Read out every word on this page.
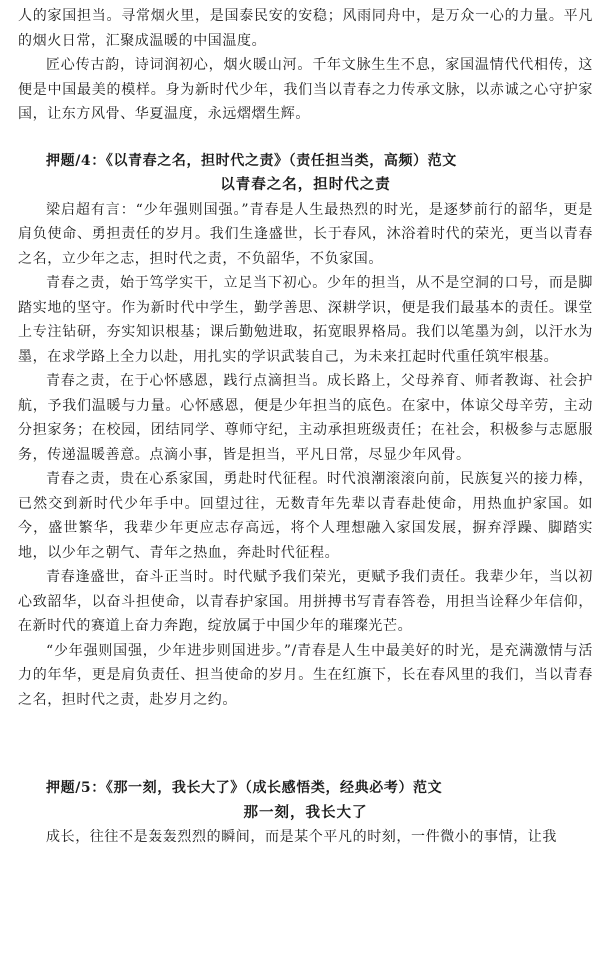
人的家国担当。寻常烟火里，是国泰民安的安稳；风雨同舟中，是万众一心的力量。平凡的烟火日常，汇聚成温暖的中国温度。

匠心传古韵，诗词润初心，烟火暖山河。千年文脉生生不息，家国温情代代相传，这便是中国最美的模样。身为新时代少年，我们当以青春之力传承文脉，以赤诚之心守护家国，让东方风骨、华夏温度，永远熠熠生辉。

押题/4：《以青春之名，担时代之责》（责任担当类，高频）范文

以青春之名，担时代之责

梁启超有言：“少年强则国强。”青春是人生最热烈的时光，是逐梦前行的韶华，更是肩负使命、勇担责任的岁月。我们生逢盛世，长于春风，沐浴着时代的荣光，更当以青春之名，立少年之志，担时代之责，不负韶华，不负家国。

青春之责，始于笃学实干，立足当下初心。少年的担当，从不是空洞的口号，而是脚踏实地的坚守。作为新时代中学生，勤学善思、深耕学识，便是我们最基本的责任。课堂上专注钻研，夯实知识根基；课后勤勉进取，拓宽眼界格局。我们以笔墨为剑，以汗水为墨，在求学路上全力以赴，用扎实的学识武装自己，为未来扛起时代重任筑牢根基。

青春之责，在于心怀感恩，践行点滴担当。成长路上，父母养育、师者教诲、社会护航，予我们温暖与力量。心怀感恩，便是少年担当的底色。在家中，体谅父母辛劳，主动分担家务；在校园，团结同学、尊师守纪，主动承担班级责任；在社会，积极参与志愿服务，传递温暖善意。点滴小事，皆是担当，平凡日常，尽显少年风骨。

青春之责，贵在心系家国，勇赴时代征程。时代浪潮滚滚向前，民族复兴的接力棒，已然交到新时代少年手中。回望过往，无数青年先辈以青春赴使命，用热血护家国。如今，盛世繁华，我辈少年更应志存高远，将个人理想融入家国发展，摒弃浮躁、脚踏实地，以少年之朝气、青年之热血，奔赴时代征程。

青春逢盛世，奋斗正当时。时代赋予我们荣光，更赋予我们责任。我辈少年，当以初心致韶华，以奋斗担使命，以青春护家国。用拼搏书写青春答卷，用担当诠释少年信仰，在新时代的赛道上奋力奔跑，绽放属于中国少年的璀璨光芒。

“少年强则国强，少年进步则国进步。”/青春是人生中最美好的时光，是充满激情与活力的年华，更是肩负责任、担当使命的岁月。生在红旗下，长在春风里的我们，当以青春之名，担时代之责，赴岁月之约。

押题/5：《那一刻，我长大了》（成长感悟类，经典必考）范文

那一刻，我长大了

成长，往往不是轰轰烈烈的瞬间，而是某个平凡的时刻，一件微小的事情，让我
